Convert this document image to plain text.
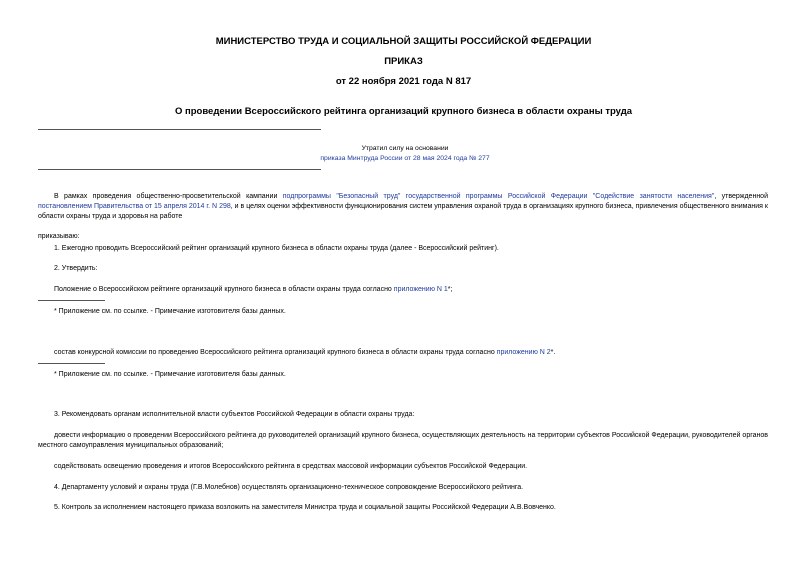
МИНИСТЕРСТВО ТРУДА И СОЦИАЛЬНОЙ ЗАЩИТЫ РОССИЙСКОЙ ФЕДЕРАЦИИ
ПРИКАЗ
от 22 ноября 2021 года N 817
О проведении Всероссийского рейтинга организаций крупного бизнеса в области охраны труда
Утратил силу на основании
приказа Минтруда России от 28 мая 2024 года № 277
В рамках проведения общественно-просветительской кампании подпрограммы "Безопасный труд" государственной программы Российской Федерации "Содействие занятости населения", утвержденной постановлением Правительства от 15 апреля 2014 г. N 298, и в целях оценки эффективности функционирования систем управления охраной труда в организациях крупного бизнеса, привлечения общественного внимания к области охраны труда и здоровья на работе
приказываю:
1. Ежегодно проводить Всероссийский рейтинг организаций крупного бизнеса в области охраны труда (далее - Всероссийский рейтинг).
2. Утвердить:
Положение о Всероссийском рейтинге организаций крупного бизнеса в области охраны труда согласно приложению N 1*;
* Приложение см. по ссылке. - Примечание изготовителя базы данных.
состав конкурсной комиссии по проведению Всероссийского рейтинга организаций крупного бизнеса в области охраны труда согласно приложению N 2*.
* Приложение см. по ссылке. - Примечание изготовителя базы данных.
3. Рекомендовать органам исполнительной власти субъектов Российской Федерации в области охраны труда:
довести информацию о проведении Всероссийского рейтинга до руководителей организаций крупного бизнеса, осуществляющих деятельность на территории субъектов Российской Федерации, руководителей органов местного самоуправления муниципальных образований;
содействовать освещению проведения и итогов Всероссийского рейтинга в средствах массовой информации субъектов Российской Федерации.
4. Департаменту условий и охраны труда (Г.В.Молебнов) осуществлять организационно-техническое сопровождение Всероссийского рейтинга.
5. Контроль за исполнением настоящего приказа возложить на заместителя Министра труда и социальной защиты Российской Федерации А.В.Вовченко.
